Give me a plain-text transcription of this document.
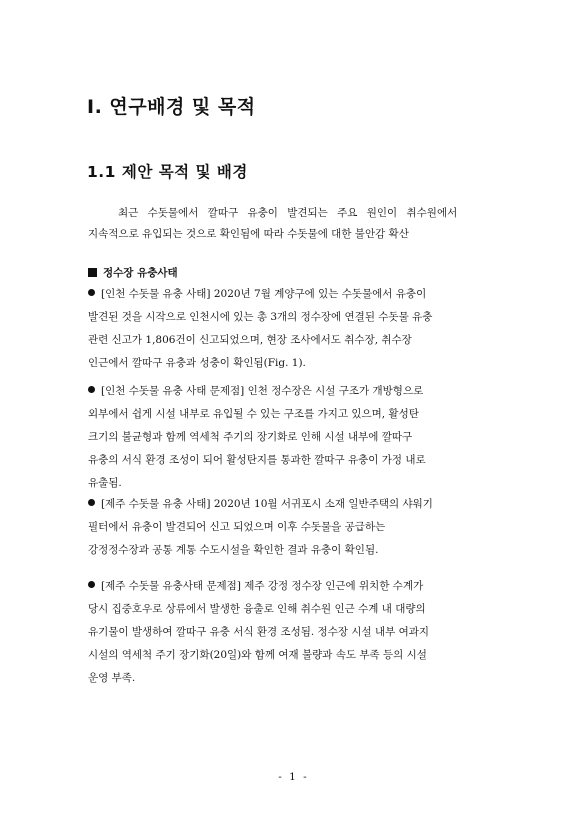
Ⅰ. 연구배경 및 목적
1.1 제안 목적 및 배경
최근 수돗물에서 깔따구 유충이 발견되는 주요 원인이 취수원에서
지속적으로 유입되는 것으로 확인됨에 따라 수돗물에 대한 불안감 확산
정수장 유충사태
[인천 수돗물 유충 사태] 2020년 7월 계양구에 있는 수돗물에서 유충이
발견된 것을 시작으로 인천시에 있는 총 3개의 정수장에 연결된 수돗물 유충
관련 신고가 1,806건이 신고되었으며, 현장 조사에서도 취수장, 취수장
인근에서 깔따구 유충과 성충이 확인됨(Fig. 1).
[인천 수돗물 유충 사태 문제점] 인천 정수장은 시설 구조가 개방형으로
외부에서 쉽게 시설 내부로 유입될 수 있는 구조를 가지고 있으며, 활성탄
크기의 불균형과 함께 역세척 주기의 장기화로 인해 시설 내부에 깔따구
유충의 서식 환경 조성이 되어 활성탄지를 통과한 깔따구 유충이 가정 내로
유출됨.
[제주 수돗물 유충 사태] 2020년 10월 서귀포시 소재 일반주택의 샤워기
필터에서 유충이 발견되어 신고 되었으며 이후 수돗물을 공급하는
강정정수장과 공통 계통 수도시설을 확인한 결과 유충이 확인됨.
[제주 수돗물 유충사태 문제점] 제주 강정 정수장 인근에 위치한 수계가
당시 집중호우로 상류에서 발생한 융출로 인해 취수원 인근 수계 내 대량의
유기물이 발생하여 깔따구 유충 서식 환경 조성됨. 정수장 시설 내부 여과지
시설의 역세척 주기 장기화(20일)와 함께 여재 불량과 속도 부족 등의 시설
운영 부족.
- 1 -
